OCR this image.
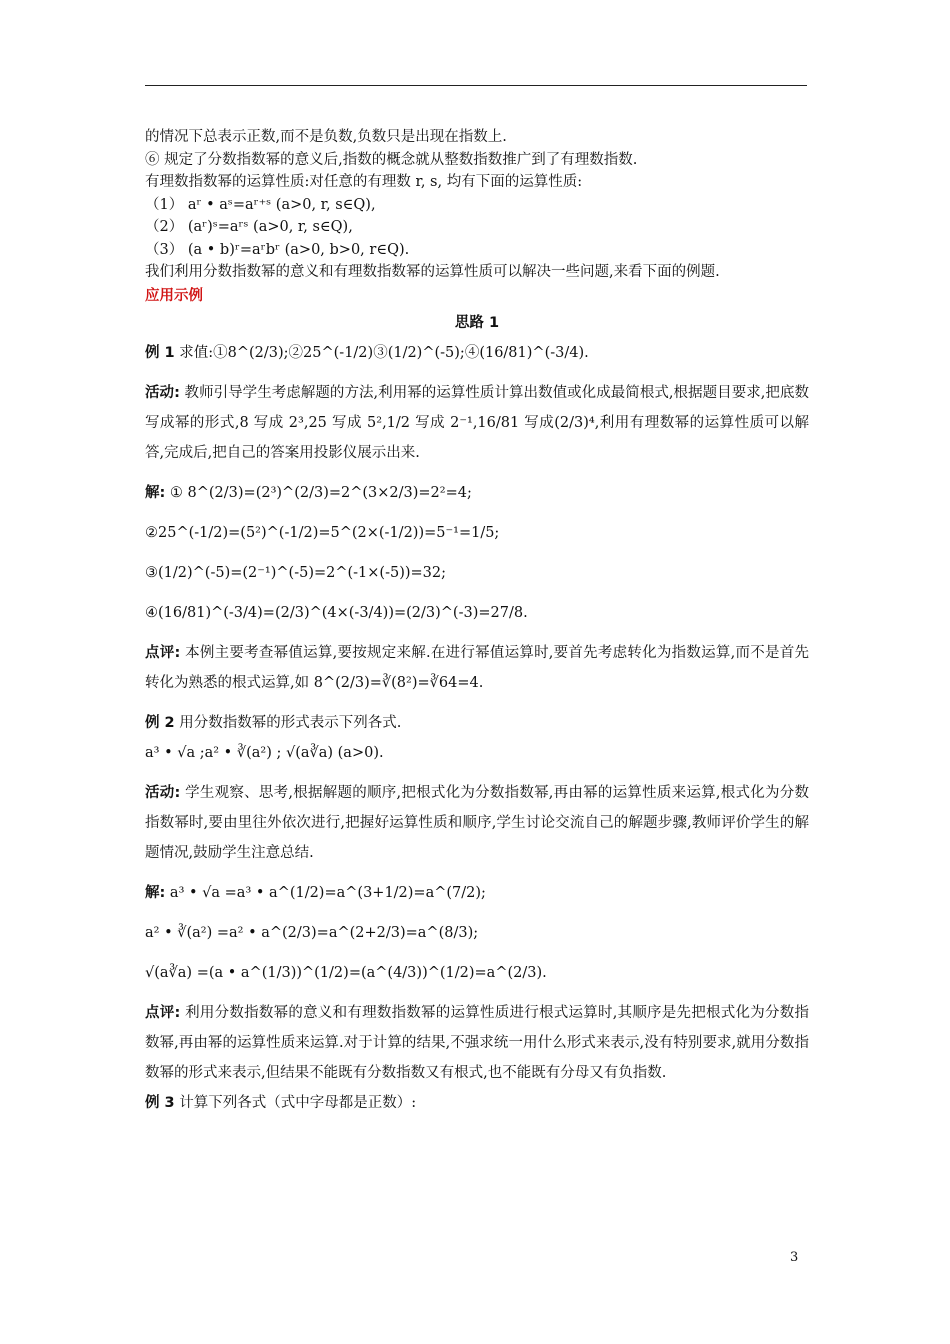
的情况下总表示正数,而不是负数,负数只是出现在指数上.

⑥ 规定了分数指数幂的意义后,指数的概念就从整数指数推广到了有理数指数.

有理数指数幂的运算性质:对任意的有理数 r, s, 均有下面的运算性质:

（1） aʳ • aˢ=aʳ⁺ˢ (a>0, r, s∈Q),

（2） (aʳ)ˢ=aʳˢ (a>0, r, s∈Q),

（3） (a • b)ʳ=aʳbʳ (a>0, b>0, r∈Q).

我们利用分数指数幂的意义和有理数指数幂的运算性质可以解决一些问题,来看下面的例题.

应用示例

思路 1

例 1 求值:①8^(2/3);②25^(-1/2)③(1/2)^(-5);④(16/81)^(-3/4).

活动: 教师引导学生考虑解题的方法,利用幂的运算性质计算出数值或化成最简根式,根据题目要求,把底数写成幂的形式,8 写成 2³,25 写成 5²,1/2 写成 2⁻¹,16/81 写成(2/3)⁴,利用有理数幂的运算性质可以解答,完成后,把自己的答案用投影仪展示出来.

解: ① 8^(2/3)=(2³)^(2/3)=2^(3×2/3)=2²=4;

②25^(-1/2)=(5²)^(-1/2)=5^(2×(-1/2))=5⁻¹=1/5;

③(1/2)^(-5)=(2⁻¹)^(-5)=2^(-1×(-5))=32;

④(16/81)^(-3/4)=(2/3)^(4×(-3/4))=(2/3)^(-3)=27/8.

点评: 本例主要考查幂值运算,要按规定来解.在进行幂值运算时,要首先考虑转化为指数运算,而不是首先转化为熟悉的根式运算,如 8^(2/3)=∛(8²)=∛64=4.

例 2 用分数指数幂的形式表示下列各式.

a³ • √a ;a² • ∛(a²) ; √(a∛a) (a>0).

活动: 学生观察、思考,根据解题的顺序,把根式化为分数指数幂,再由幂的运算性质来运算,根式化为分数指数幂时,要由里往外依次进行,把握好运算性质和顺序,学生讨论交流自己的解题步骤,教师评价学生的解题情况,鼓励学生注意总结.

解: a³ • √a =a³ • a^(1/2)=a^(3+1/2)=a^(7/2);

a² • ∛(a²) =a² • a^(2/3)=a^(2+2/3)=a^(8/3);

√(a∛a) =(a • a^(1/3))^(1/2)=(a^(4/3))^(1/2)=a^(2/3).

点评: 利用分数指数幂的意义和有理数指数幂的运算性质进行根式运算时,其顺序是先把根式化为分数指数幂,再由幂的运算性质来运算.对于计算的结果,不强求统一用什么形式来表示,没有特别要求,就用分数指数幂的形式来表示,但结果不能既有分数指数又有根式,也不能既有分母又有负指数.

例 3 计算下列各式（式中字母都是正数）:

3
